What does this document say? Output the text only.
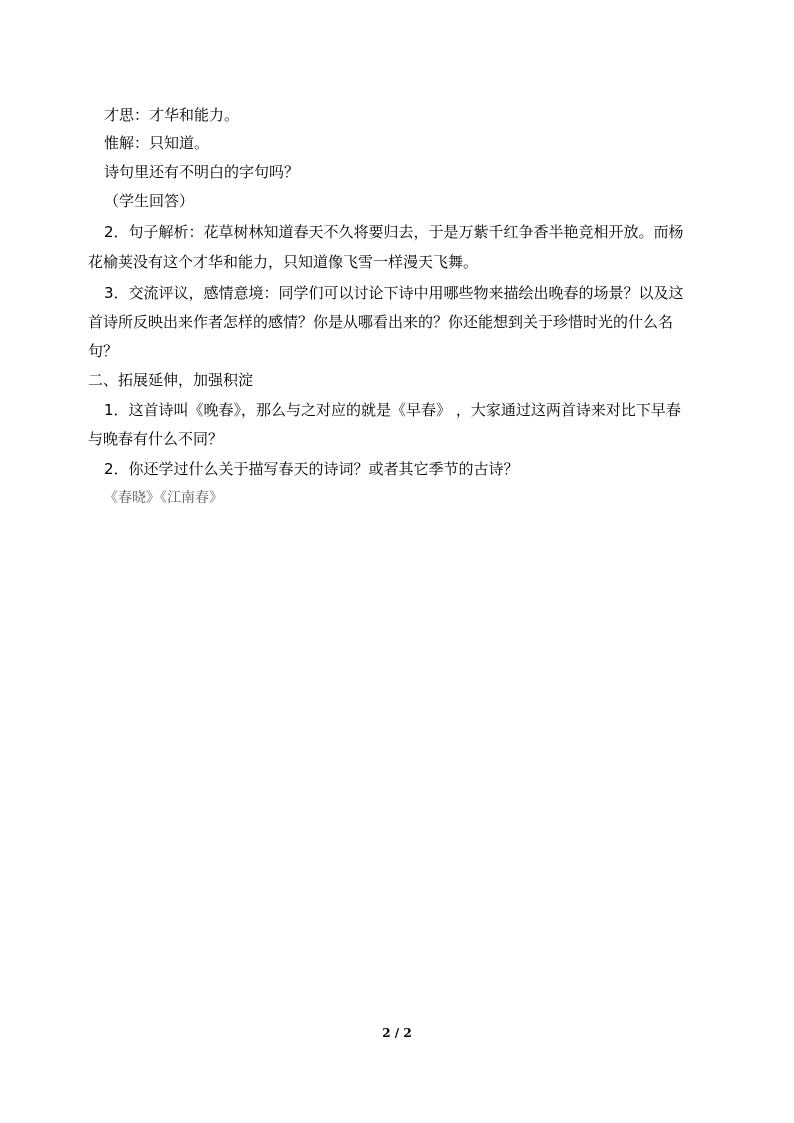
才思：才华和能力。
惟解：只知道。
诗句里还有不明白的字句吗？
（学生回答）
2．句子解析：花草树林知道春天不久将要归去，于是万紫千红争香半艳竞相开放。而杨
花榆荚没有这个才华和能力，只知道像飞雪一样漫天飞舞。
3．交流评议，感情意境：同学们可以讨论下诗中用哪些物来描绘出晚春的场景？以及这
首诗所反映出来作者怎样的感情？你是从哪看出来的？你还能想到关于珍惜时光的什么名
句？
二、拓展延伸，加强积淀
1．这首诗叫《晚春》，那么与之对应的就是《早春》 ，大家通过这两首诗来对比下早春
与晚春有什么不同？
2．你还学过什么关于描写春天的诗词？或者其它季节的古诗？
《春晓》《江南春》
2 / 2
